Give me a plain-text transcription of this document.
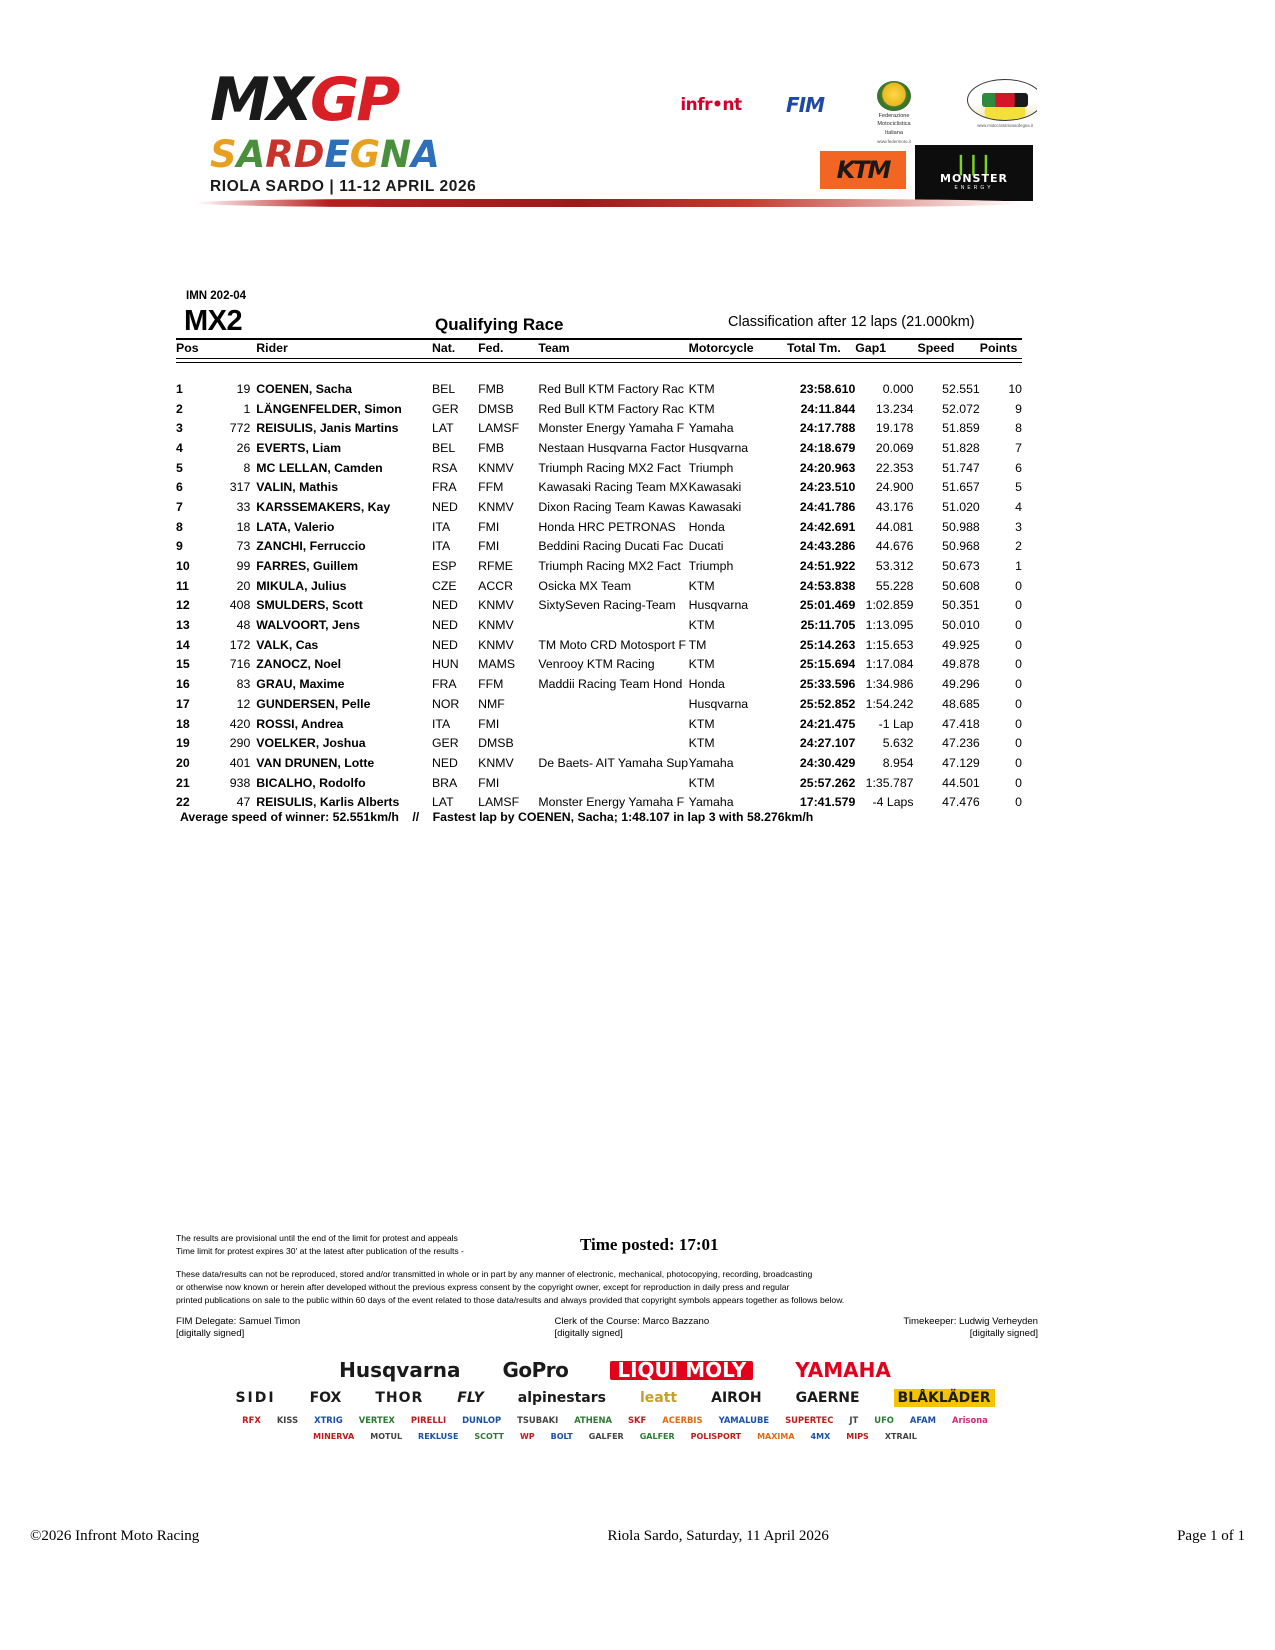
MXGP
SARDEGNA
RIOLA SARDO | 11-12 APRIL 2026
infr•nt	FIM	Federazione
Motociclistica
Italiana
www.federmoto.it
www.motocrossmxsardegna.it
KTM	∣∣∣
MONSTER
ENERGY
IMN 202-04
MX2	Qualifying Race	Classification after 12 laps (21.000km)
Pos		Rider	Nat.	Fed.	Team	Motorcycle	Total Tm.	Gap1	Speed	Points
1	19	COENEN, Sacha	BEL	FMB	Red Bull KTM Factory Rac	KTM	23:58.610	0.000	52.551	10
2	1	LÄNGENFELDER, Simon	GER	DMSB	Red Bull KTM Factory Rac	KTM	24:11.844	13.234	52.072	9
3	772	REISULIS, Janis Martins	LAT	LAMSF	Monster Energy Yamaha F	Yamaha	24:17.788	19.178	51.859	8
4	26	EVERTS, Liam	BEL	FMB	Nestaan Husqvarna Factor	Husqvarna	24:18.679	20.069	51.828	7
5	8	MC LELLAN, Camden	RSA	KNMV	Triumph Racing MX2 Fact	Triumph	24:20.963	22.353	51.747	6
6	317	VALIN, Mathis	FRA	FFM	Kawasaki Racing Team MX	Kawasaki	24:23.510	24.900	51.657	5
7	33	KARSSEMAKERS, Kay	NED	KNMV	Dixon Racing Team Kawas	Kawasaki	24:41.786	43.176	51.020	4
8	18	LATA, Valerio	ITA	FMI	Honda HRC PETRONAS	Honda	24:42.691	44.081	50.988	3
9	73	ZANCHI, Ferruccio	ITA	FMI	Beddini Racing Ducati Fac	Ducati	24:43.286	44.676	50.968	2
10	99	FARRES, Guillem	ESP	RFME	Triumph Racing MX2 Fact	Triumph	24:51.922	53.312	50.673	1
11	20	MIKULA, Julius	CZE	ACCR	Osicka MX Team	KTM	24:53.838	55.228	50.608	0
12	408	SMULDERS, Scott	NED	KNMV	SixtySeven Racing-Team	Husqvarna	25:01.469	1:02.859	50.351	0
13	48	WALVOORT, Jens	NED	KNMV		KTM	25:11.705	1:13.095	50.010	0
14	172	VALK, Cas	NED	KNMV	TM Moto CRD Motosport F	TM	25:14.263	1:15.653	49.925	0
15	716	ZANOCZ, Noel	HUN	MAMS	Venrooy KTM Racing	KTM	25:15.694	1:17.084	49.878	0
16	83	GRAU, Maxime	FRA	FFM	Maddii Racing Team Hond	Honda	25:33.596	1:34.986	49.296	0
17	12	GUNDERSEN, Pelle	NOR	NMF		Husqvarna	25:52.852	1:54.242	48.685	0
18	420	ROSSI, Andrea	ITA	FMI		KTM	24:21.475	-1 Lap	47.418	0
19	290	VOELKER, Joshua	GER	DMSB		KTM	24:27.107	5.632	47.236	0
20	401	VAN DRUNEN, Lotte	NED	KNMV	De Baets- AIT Yamaha Sup	Yamaha	24:30.429	8.954	47.129	0
21	938	BICALHO, Rodolfo	BRA	FMI		KTM	25:57.262	1:35.787	44.501	0
22	47	REISULIS, Karlis Alberts	LAT	LAMSF	Monster Energy Yamaha F	Yamaha	17:41.579	-4 Laps	47.476	0
Average speed of winner: 52.551km/h // Fastest lap by COENEN, Sacha; 1:48.107 in lap 3 with 58.276km/h
The results are provisional until the end of the limit for protest and appeals
Time limit for protest expires 30' at the latest after publication of the results -	Time posted: 17:01
These data/results can not be reproduced, stored and/or transmitted in whole or in part by any manner of electronic, mechanical, photocopying, recording, broadcasting
or otherwise now known or herein after developed without the previous express consent by the copyright owner, except for reproduction in daily press and regular
printed publications on sale to the public within 60 days of the event related to those data/results and always provided that copyright symbols appears together as follows below.
FIM Delegate: Samuel Timon
[digitally signed]
Clerk of the Course: Marco Bazzano
[digitally signed]
Timekeeper: Ludwig Verheyden
[digitally signed]
Husqvarna GoPro	LIQUI MOLY	YAMAHA
SIDI FOX THOR FLY alpinestars leatt AIROH GAERNE	BLÅKLÄDER
RFX KISS XTRIG VERTEX PIRELLI DUNLOP TSUBAKI ATHENA SKF ACERBIS YAMALUBE SUPERTEC JT UFO AFAM Arisona
MINERVA MOTUL REKLUSE SCOTT WP BOLT GALFER GALFER POLISPORT MAXIMA 4MX MIPS XTRAIL
©2026 Infront Moto Racing	Riola Sardo, Saturday, 11 April 2026	Page 1 of 1
